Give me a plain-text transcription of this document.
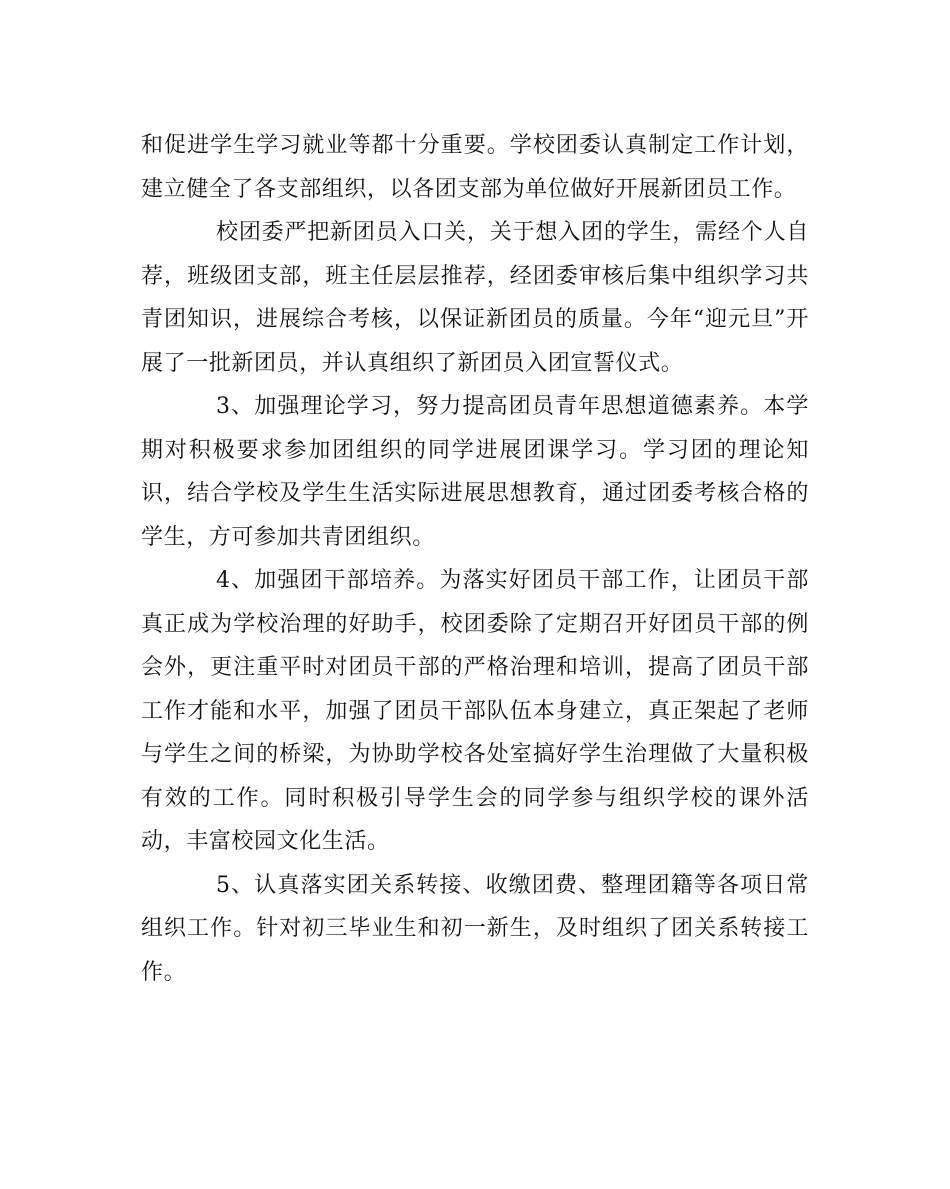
和促进学生学习就业等都十分重要。学校团委认真制定工作计划，建立健全了各支部组织，以各团支部为单位做好开展新团员工作。

校团委严把新团员入口关，关于想入团的学生，需经个人自荐，班级团支部，班主任层层推荐，经团委审核后集中组织学习共青团知识，进展综合考核，以保证新团员的质量。今年“迎元旦”开展了一批新团员，并认真组织了新团员入团宣誓仪式。

3、加强理论学习，努力提高团员青年思想道德素养。本学期对积极要求参加团组织的同学进展团课学习。学习团的理论知识，结合学校及学生生活实际进展思想教育，通过团委考核合格的学生，方可参加共青团组织。

4、加强团干部培养。为落实好团员干部工作，让团员干部真正成为学校治理的好助手，校团委除了定期召开好团员干部的例会外，更注重平时对团员干部的严格治理和培训，提高了团员干部工作才能和水平，加强了团员干部队伍本身建立，真正架起了老师与学生之间的桥梁，为协助学校各处室搞好学生治理做了大量积极有效的工作。同时积极引导学生会的同学参与组织学校的课外活动，丰富校园文化生活。

5、认真落实团关系转接、收缴团费、整理团籍等各项日常组织工作。针对初三毕业生和初一新生，及时组织了团关系转接工作。
